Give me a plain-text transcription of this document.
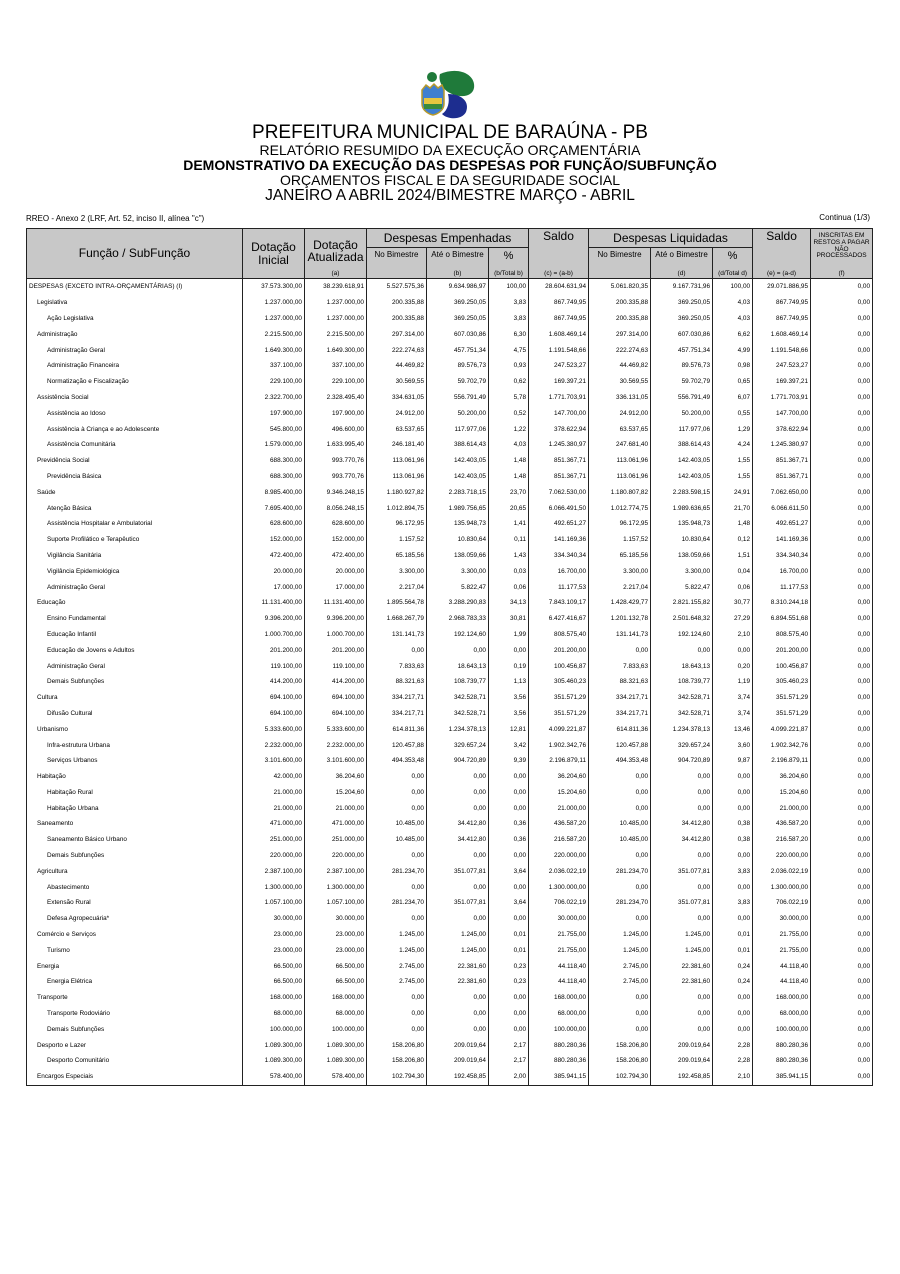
PREFEITURA MUNICIPAL DE BARAÚNA - PB
RELATÓRIO RESUMIDO DA EXECUÇÃO ORÇAMENTÁRIA
DEMONSTRATIVO DA EXECUÇÃO DAS DESPESAS POR FUNÇÃO/SUBFUNÇÃO
ORÇAMENTOS FISCAL E DA SEGURIDADE SOCIAL
JANEIRO A ABRIL 2024/BIMESTRE MARÇO - ABRIL
RREO - Anexo 2 (LRF, Art. 52, inciso II, alínea "c")	Continua (1/3)
Função / SubFunção	Dotação Inicial	Dotação Atualizada	Despesas Empenhadas			Saldo	Despesas Liquidadas			Saldo	INSCRITAS EM RESTOS A PAGAR NÃO PROCESSADOS
			No Bimestre	Até o Bimestre	%		No Bimestre	Até o Bimestre	%		
		(a)		(b)	(b/Total b)	(c) = (a-b)		(d)	(d/Total d)	(e) = (a-d)	(f)
DESPESAS (EXCETO INTRA-ORÇAMENTÁRIAS) (I)	37.573.300,00	38.239.618,91	5.527.575,36	9.634.986,97	100,00	28.604.631,94	5.061.820,35	9.167.731,96	100,00	29.071.886,95	0,00
Legislativa	1.237.000,00	1.237.000,00	200.335,88	369.250,05	3,83	867.749,95	200.335,88	369.250,05	4,03	867.749,95	0,00
Ação Legislativa	1.237.000,00	1.237.000,00	200.335,88	369.250,05	3,83	867.749,95	200.335,88	369.250,05	4,03	867.749,95	0,00
Administração	2.215.500,00	2.215.500,00	297.314,00	607.030,86	6,30	1.608.469,14	297.314,00	607.030,86	6,62	1.608.469,14	0,00
Administração Geral	1.649.300,00	1.649.300,00	222.274,63	457.751,34	4,75	1.191.548,66	222.274,63	457.751,34	4,99	1.191.548,66	0,00
Administração Financeira	337.100,00	337.100,00	44.469,82	89.576,73	0,93	247.523,27	44.469,82	89.576,73	0,98	247.523,27	0,00
Normatização e Fiscalização	229.100,00	229.100,00	30.569,55	59.702,79	0,62	169.397,21	30.569,55	59.702,79	0,65	169.397,21	0,00
Assistência Social	2.322.700,00	2.328.495,40	334.631,05	556.791,49	5,78	1.771.703,91	336.131,05	556.791,49	6,07	1.771.703,91	0,00
Assistência ao Idoso	197.900,00	197.900,00	24.912,00	50.200,00	0,52	147.700,00	24.912,00	50.200,00	0,55	147.700,00	0,00
Assistência à Criança e ao Adolescente	545.800,00	496.600,00	63.537,65	117.977,06	1,22	378.622,94	63.537,65	117.977,06	1,29	378.622,94	0,00
Assistência Comunitária	1.579.000,00	1.633.995,40	246.181,40	388.614,43	4,03	1.245.380,97	247.681,40	388.614,43	4,24	1.245.380,97	0,00
Previdência Social	688.300,00	993.770,76	113.061,96	142.403,05	1,48	851.367,71	113.061,96	142.403,05	1,55	851.367,71	0,00
Previdência Básica	688.300,00	993.770,76	113.061,96	142.403,05	1,48	851.367,71	113.061,96	142.403,05	1,55	851.367,71	0,00
Saúde	8.985.400,00	9.346.248,15	1.180.927,82	2.283.718,15	23,70	7.062.530,00	1.180.807,82	2.283.598,15	24,91	7.062.650,00	0,00
Atenção Básica	7.695.400,00	8.056.248,15	1.012.894,75	1.989.756,65	20,65	6.066.491,50	1.012.774,75	1.989.636,65	21,70	6.066.611,50	0,00
Assistência Hospitalar e Ambulatorial	628.600,00	628.600,00	96.172,95	135.948,73	1,41	492.651,27	96.172,95	135.948,73	1,48	492.651,27	0,00
Suporte Profilático e Terapêutico	152.000,00	152.000,00	1.157,52	10.830,64	0,11	141.169,36	1.157,52	10.830,64	0,12	141.169,36	0,00
Vigilância Sanitária	472.400,00	472.400,00	65.185,56	138.059,66	1,43	334.340,34	65.185,56	138.059,66	1,51	334.340,34	0,00
Vigilância Epidemiológica	20.000,00	20.000,00	3.300,00	3.300,00	0,03	16.700,00	3.300,00	3.300,00	0,04	16.700,00	0,00
Administração Geral	17.000,00	17.000,00	2.217,04	5.822,47	0,06	11.177,53	2.217,04	5.822,47	0,06	11.177,53	0,00
Educação	11.131.400,00	11.131.400,00	1.895.564,78	3.288.290,83	34,13	7.843.109,17	1.428.429,77	2.821.155,82	30,77	8.310.244,18	0,00
Ensino Fundamental	9.396.200,00	9.396.200,00	1.668.267,79	2.968.783,33	30,81	6.427.416,67	1.201.132,78	2.501.648,32	27,29	6.894.551,68	0,00
Educação Infantil	1.000.700,00	1.000.700,00	131.141,73	192.124,60	1,99	808.575,40	131.141,73	192.124,60	2,10	808.575,40	0,00
Educação de Jovens e Adultos	201.200,00	201.200,00	0,00	0,00	0,00	201.200,00	0,00	0,00	0,00	201.200,00	0,00
Administração Geral	119.100,00	119.100,00	7.833,63	18.643,13	0,19	100.456,87	7.833,63	18.643,13	0,20	100.456,87	0,00
Demais Subfunções	414.200,00	414.200,00	88.321,63	108.739,77	1,13	305.460,23	88.321,63	108.739,77	1,19	305.460,23	0,00
Cultura	694.100,00	694.100,00	334.217,71	342.528,71	3,56	351.571,29	334.217,71	342.528,71	3,74	351.571,29	0,00
Difusão Cultural	694.100,00	694.100,00	334.217,71	342.528,71	3,56	351.571,29	334.217,71	342.528,71	3,74	351.571,29	0,00
Urbanismo	5.333.600,00	5.333.600,00	614.811,36	1.234.378,13	12,81	4.099.221,87	614.811,36	1.234.378,13	13,46	4.099.221,87	0,00
Infra-estrutura Urbana	2.232.000,00	2.232.000,00	120.457,88	329.657,24	3,42	1.902.342,76	120.457,88	329.657,24	3,60	1.902.342,76	0,00
Serviços Urbanos	3.101.600,00	3.101.600,00	494.353,48	904.720,89	9,39	2.196.879,11	494.353,48	904.720,89	9,87	2.196.879,11	0,00
Habitação	42.000,00	36.204,60	0,00	0,00	0,00	36.204,60	0,00	0,00	0,00	36.204,60	0,00
Habitação Rural	21.000,00	15.204,60	0,00	0,00	0,00	15.204,60	0,00	0,00	0,00	15.204,60	0,00
Habitação Urbana	21.000,00	21.000,00	0,00	0,00	0,00	21.000,00	0,00	0,00	0,00	21.000,00	0,00
Saneamento	471.000,00	471.000,00	10.485,00	34.412,80	0,36	436.587,20	10.485,00	34.412,80	0,38	436.587,20	0,00
Saneamento Básico Urbano	251.000,00	251.000,00	10.485,00	34.412,80	0,36	216.587,20	10.485,00	34.412,80	0,38	216.587,20	0,00
Demais Subfunções	220.000,00	220.000,00	0,00	0,00	0,00	220.000,00	0,00	0,00	0,00	220.000,00	0,00
Agricultura	2.387.100,00	2.387.100,00	281.234,70	351.077,81	3,64	2.036.022,19	281.234,70	351.077,81	3,83	2.036.022,19	0,00
Abastecimento	1.300.000,00	1.300.000,00	0,00	0,00	0,00	1.300.000,00	0,00	0,00	0,00	1.300.000,00	0,00
Extensão Rural	1.057.100,00	1.057.100,00	281.234,70	351.077,81	3,64	706.022,19	281.234,70	351.077,81	3,83	706.022,19	0,00
Defesa Agropecuária*	30.000,00	30.000,00	0,00	0,00	0,00	30.000,00	0,00	0,00	0,00	30.000,00	0,00
Comércio e Serviços	23.000,00	23.000,00	1.245,00	1.245,00	0,01	21.755,00	1.245,00	1.245,00	0,01	21.755,00	0,00
Turismo	23.000,00	23.000,00	1.245,00	1.245,00	0,01	21.755,00	1.245,00	1.245,00	0,01	21.755,00	0,00
Energia	66.500,00	66.500,00	2.745,00	22.381,60	0,23	44.118,40	2.745,00	22.381,60	0,24	44.118,40	0,00
Energia Elétrica	66.500,00	66.500,00	2.745,00	22.381,60	0,23	44.118,40	2.745,00	22.381,60	0,24	44.118,40	0,00
Transporte	168.000,00	168.000,00	0,00	0,00	0,00	168.000,00	0,00	0,00	0,00	168.000,00	0,00
Transporte Rodoviário	68.000,00	68.000,00	0,00	0,00	0,00	68.000,00	0,00	0,00	0,00	68.000,00	0,00
Demais Subfunções	100.000,00	100.000,00	0,00	0,00	0,00	100.000,00	0,00	0,00	0,00	100.000,00	0,00
Desporto e Lazer	1.089.300,00	1.089.300,00	158.206,80	209.019,64	2,17	880.280,36	158.206,80	209.019,64	2,28	880.280,36	0,00
Desporto Comunitário	1.089.300,00	1.089.300,00	158.206,80	209.019,64	2,17	880.280,36	158.206,80	209.019,64	2,28	880.280,36	0,00
Encargos Especiais	578.400,00	578.400,00	102.794,30	192.458,85	2,00	385.941,15	102.794,30	192.458,85	2,10	385.941,15	0,00
